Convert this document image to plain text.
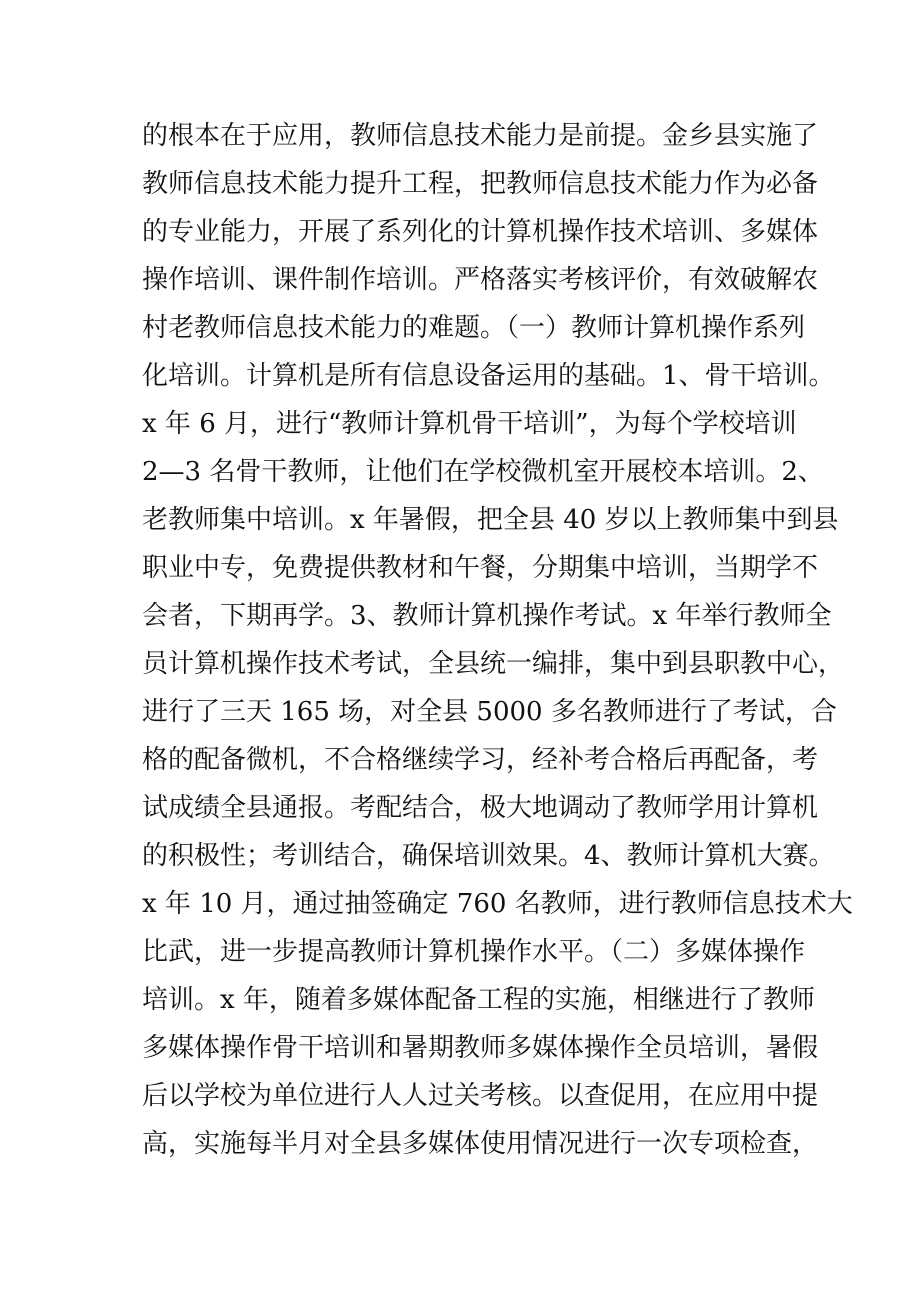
的根本在于应用，教师信息技术能力是前提。金乡县实施了
教师信息技术能力提升工程，把教师信息技术能力作为必备
的专业能力，开展了系列化的计算机操作技术培训、多媒体
操作培训、课件制作培训。严格落实考核评价，有效破解农
村老教师信息技术能力的难题。（一）教师计算机操作系列
化培训。计算机是所有信息设备运用的基础。1、骨干培训。
x 年 6 月，进行“教师计算机骨干培训”，为每个学校培训
2—3 名骨干教师，让他们在学校微机室开展校本培训。2、
老教师集中培训。x 年暑假，把全县 40 岁以上教师集中到县
职业中专，免费提供教材和午餐，分期集中培训，当期学不
会者，下期再学。3、教师计算机操作考试。x 年举行教师全
员计算机操作技术考试，全县统一编排，集中到县职教中心，
进行了三天 165 场，对全县 5000 多名教师进行了考试，合
格的配备微机，不合格继续学习，经补考合格后再配备，考
试成绩全县通报。考配结合，极大地调动了教师学用计算机
的积极性；考训结合，确保培训效果。4、教师计算机大赛。
x 年 10 月，通过抽签确定 760 名教师，进行教师信息技术大
比武，进一步提高教师计算机操作水平。（二）多媒体操作
培训。x 年，随着多媒体配备工程的实施，相继进行了教师
多媒体操作骨干培训和暑期教师多媒体操作全员培训，暑假
后以学校为单位进行人人过关考核。以查促用，在应用中提
高，实施每半月对全县多媒体使用情况进行一次专项检查，
